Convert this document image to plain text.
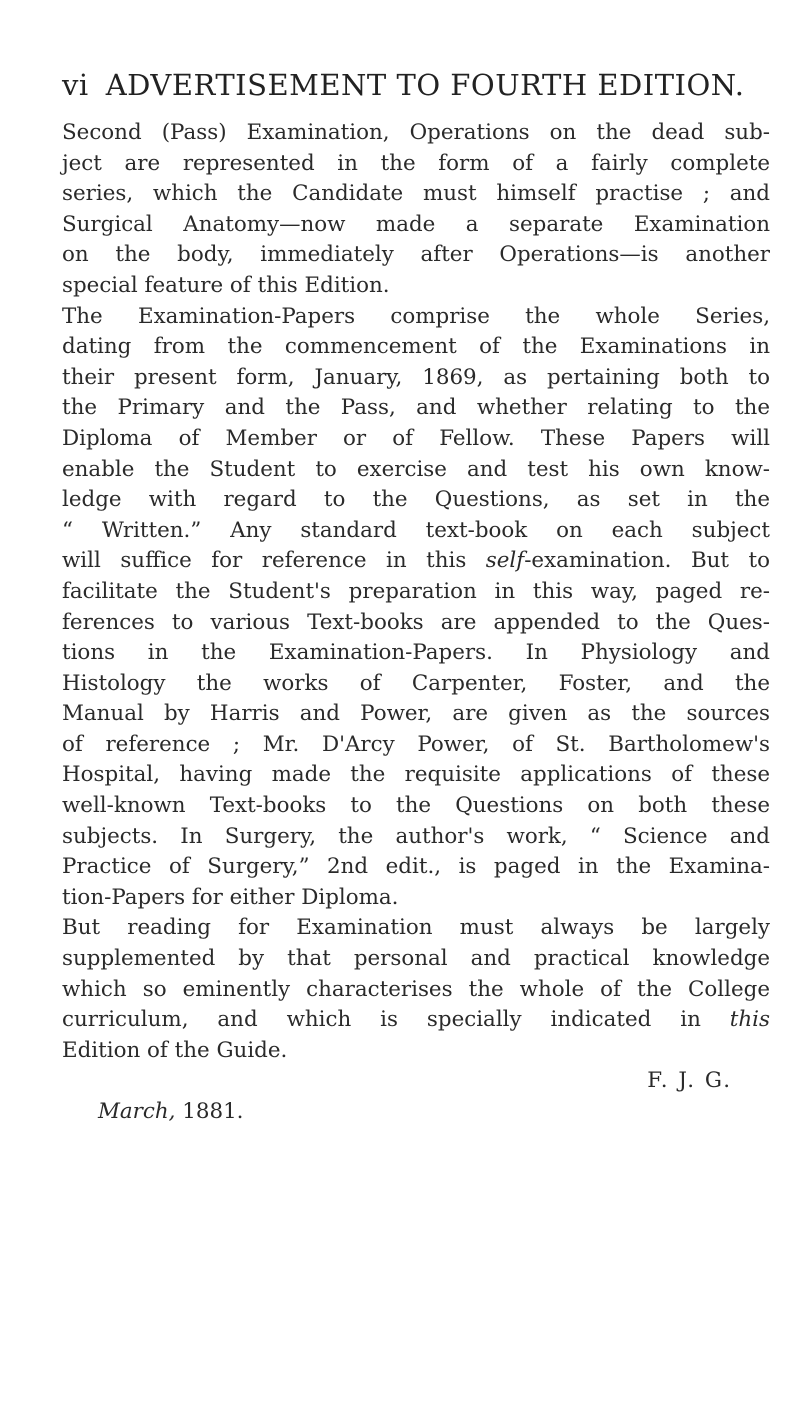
vi ADVERTISEMENT TO FOURTH EDITION.
Second (Pass) Examination, Operations on the dead sub-
ject are represented in the form of a fairly complete
series, which the Candidate must himself practise ; and
Surgical Anatomy—now made a separate Examination
on the body, immediately after Operations—is another
special feature of this Edition.
The Examination-Papers comprise the whole Series,
dating from the commencement of the Examinations in
their present form, January, 1869, as pertaining both to
the Primary and the Pass, and whether relating to the
Diploma of Member or of Fellow. These Papers will
enable the Student to exercise and test his own know-
ledge with regard to the Questions, as set in the
“ Written.” Any standard text-book on each subject
will suffice for reference in this self-examination. But to
facilitate the Student's preparation in this way, paged re-
ferences to various Text-books are appended to the Ques-
tions in the Examination-Papers. In Physiology and
Histology the works of Carpenter, Foster, and the
Manual by Harris and Power, are given as the sources
of reference ; Mr. D'Arcy Power, of St. Bartholomew's
Hospital, having made the requisite applications of these
well-known Text-books to the Questions on both these
subjects. In Surgery, the author's work, “ Science and
Practice of Surgery,” 2nd edit., is paged in the Examina-
tion-Papers for either Diploma.
But reading for Examination must always be largely
supplemented by that personal and practical knowledge
which so eminently characterises the whole of the College
curriculum, and which is specially indicated in this
Edition of the Guide.
F. J. G.
March, 1881.
